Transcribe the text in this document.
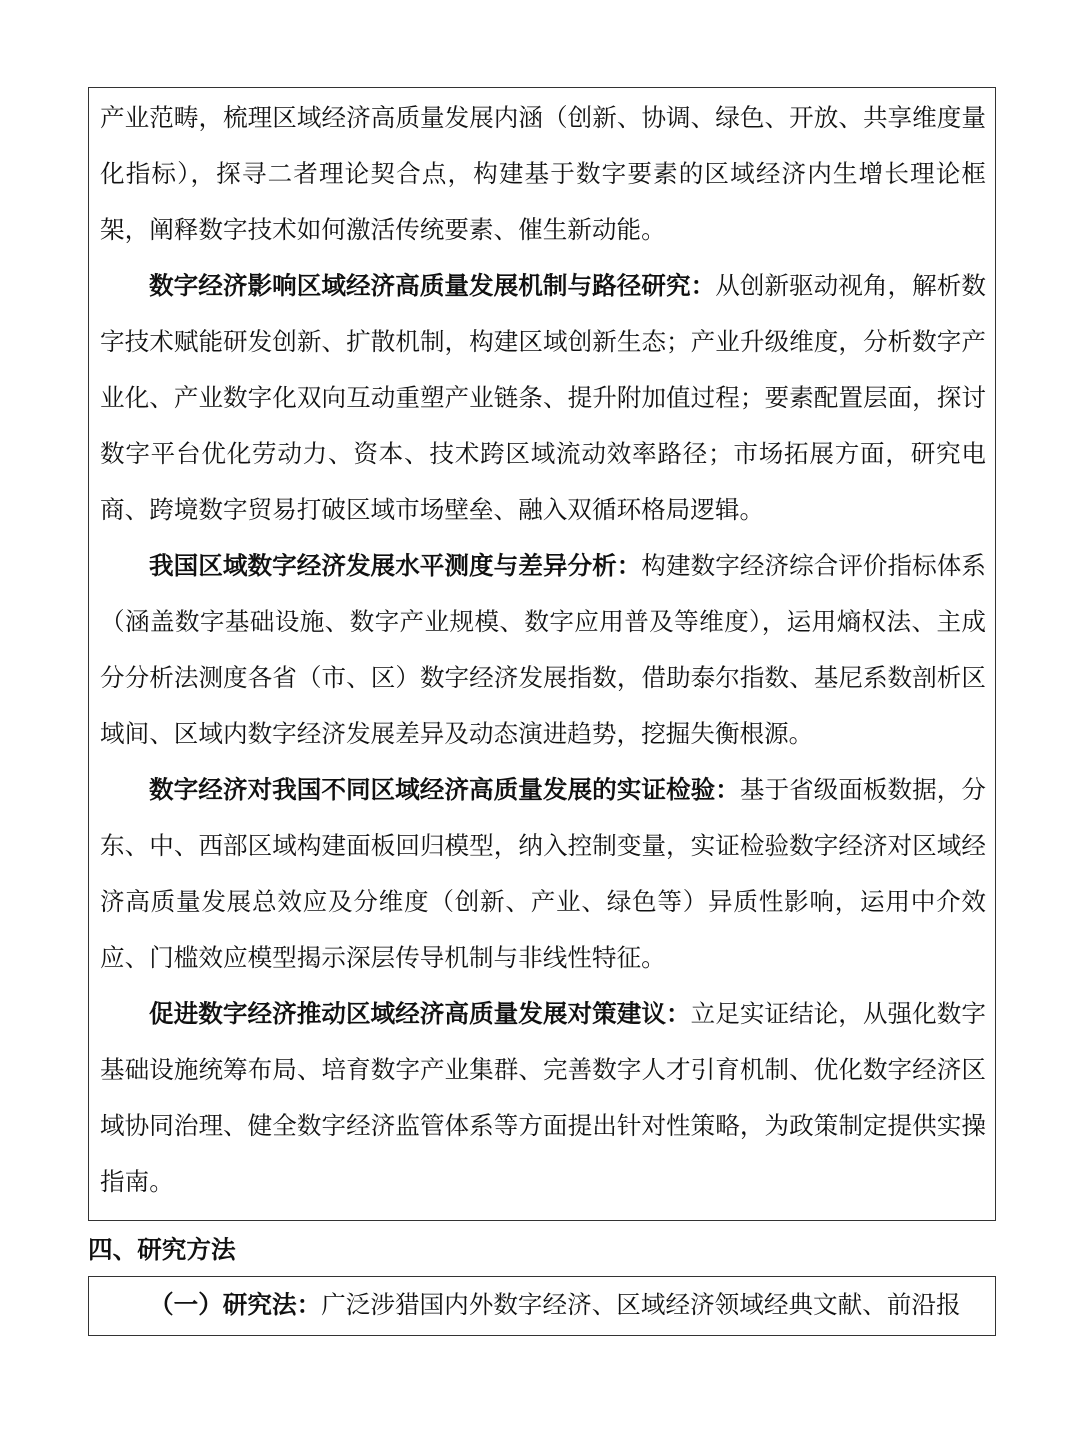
产业范畴，梳理区域经济高质量发展内涵（创新、协调、绿色、开放、共享维度量化指标），探寻二者理论契合点，构建基于数字要素的区域经济内生增长理论框架，阐释数字技术如何激活传统要素、催生新动能。

数字经济影响区域经济高质量发展机制与路径研究：从创新驱动视角，解析数字技术赋能研发创新、扩散机制，构建区域创新生态；产业升级维度，分析数字产业化、产业数字化双向互动重塑产业链条、提升附加值过程；要素配置层面，探讨数字平台优化劳动力、资本、技术跨区域流动效率路径；市场拓展方面，研究电商、跨境数字贸易打破区域市场壁垒、融入双循环格局逻辑。

我国区域数字经济发展水平测度与差异分析：构建数字经济综合评价指标体系（涵盖数字基础设施、数字产业规模、数字应用普及等维度），运用熵权法、主成分分析法测度各省（市、区）数字经济发展指数，借助泰尔指数、基尼系数剖析区域间、区域内数字经济发展差异及动态演进趋势，挖掘失衡根源。

数字经济对我国不同区域经济高质量发展的实证检验：基于省级面板数据，分东、中、西部区域构建面板回归模型，纳入控制变量，实证检验数字经济对区域经济高质量发展总效应及分维度（创新、产业、绿色等）异质性影响，运用中介效应、门槛效应模型揭示深层传导机制与非线性特征。

促进数字经济推动区域经济高质量发展对策建议：立足实证结论，从强化数字基础设施统筹布局、培育数字产业集群、完善数字人才引育机制、优化数字经济区域协同治理、健全数字经济监管体系等方面提出针对性策略，为政策制定提供实操指南。

四、研究方法

（一）研究法：广泛涉猎国内外数字经济、区域经济领域经典文献、前沿报
